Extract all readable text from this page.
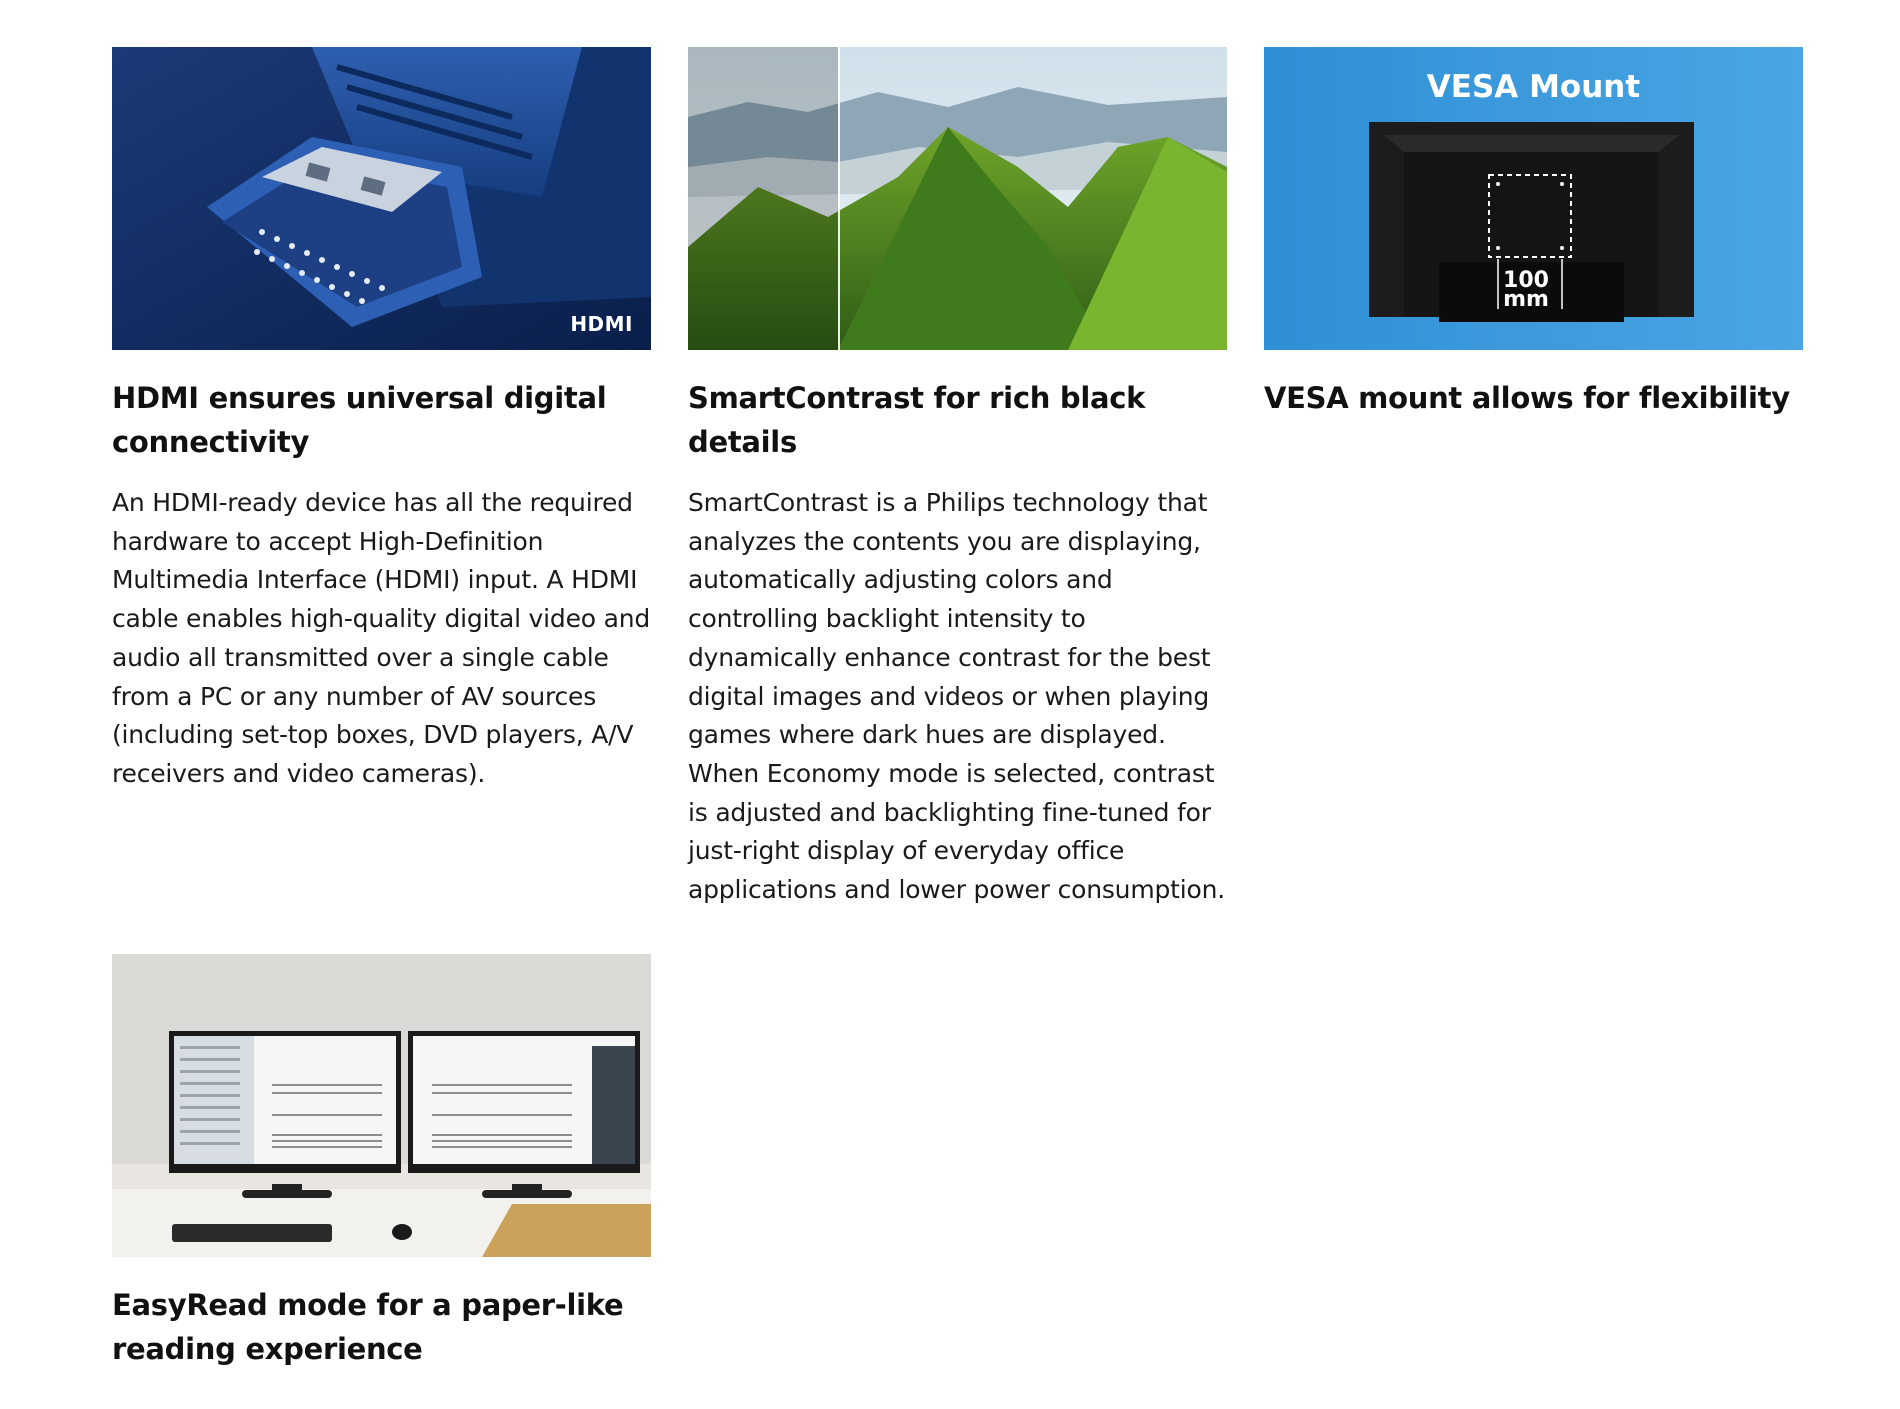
HDMI
HDMI ensures universal digital connectivity
An HDMI-ready device has all the required hardware to accept High-Definition Multimedia Interface (HDMI) input. A HDMI cable enables high-quality digital video and audio all transmitted over a single cable from a PC or any number of AV sources (including set-top boxes, DVD players, A/V receivers and video cameras).
SmartContrast for rich black details
SmartContrast is a Philips technology that analyzes the contents you are displaying, automatically adjusting colors and controlling backlight intensity to dynamically enhance contrast for the best digital images and videos or when playing games where dark hues are displayed. When Economy mode is selected, contrast is adjusted and backlighting fine-tuned for just-right display of everyday office applications and lower power consumption.
VESA Mount
100
mm
VESA mount allows for flexibility
EasyRead mode for a paper-like reading experience
